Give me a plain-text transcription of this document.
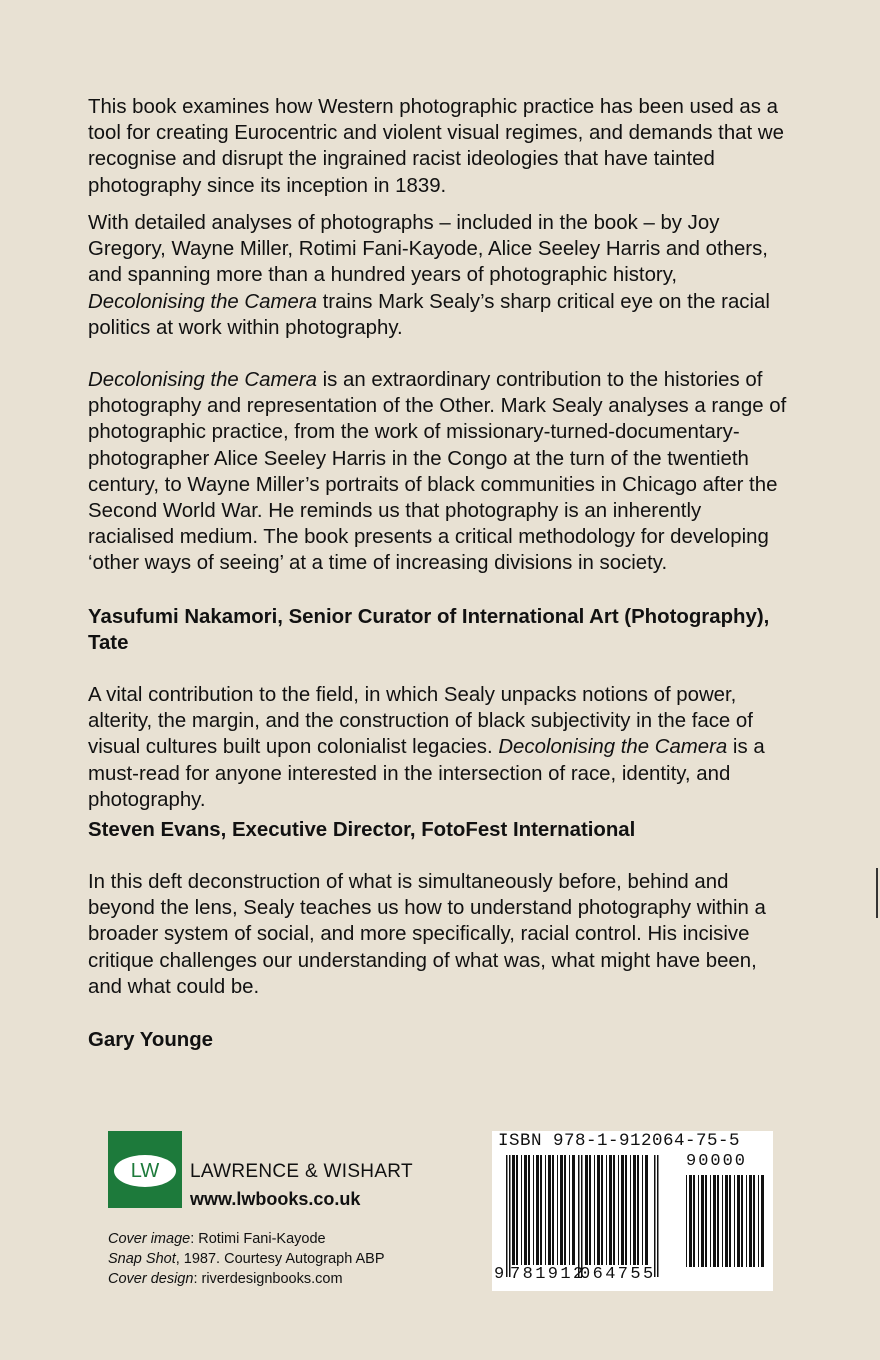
This book examines how Western photographic practice has been used as a tool for creating Eurocentric and violent visual regimes, and demands that we recognise and disrupt the ingrained racist ideologies that have tainted photography since its inception in 1839.

With detailed analyses of photographs – included in the book – by Joy Gregory, Wayne Miller, Rotimi Fani-Kayode, Alice Seeley Harris and others, and spanning more than a hundred years of photographic history, Decolonising the Camera trains Mark Sealy’s sharp critical eye on the racial politics at work within photography.

Decolonising the Camera is an extraordinary contribution to the histories of photography and representation of the Other. Mark Sealy analyses a range of photographic practice, from the work of missionary-turned-documentary-photographer Alice Seeley Harris in the Congo at the turn of the twentieth century, to Wayne Miller’s portraits of black communities in Chicago after the Second World War. He reminds us that photography is an inherently racialised medium. The book presents a critical methodology for developing ‘other ways of seeing’ at a time of increasing divisions in society.

Yasufumi Nakamori, Senior Curator of International Art (Photography), Tate

A vital contribution to the field, in which Sealy unpacks notions of power, alterity, the margin, and the construction of black subjectivity in the face of visual cultures built upon colonialist legacies. Decolonising the Camera is a must-read for anyone interested in the intersection of race, identity, and photography.

Steven Evans, Executive Director, FotoFest International

In this deft deconstruction of what is simultaneously before, behind and beyond the lens, Sealy teaches us how to understand photography within a broader system of social, and more specifically, racial control. His incisive critique challenges our understanding of what was, what might have been, and what could be.

Gary Younge

LW LAWRENCE & WISHART
www.lwbooks.co.uk
Cover image: Rotimi Fani-Kayode
Snap Shot, 1987. Courtesy Autograph ABP
Cover design: riverdesignbooks.com
ISBN 978-1-912064-75-5
90000
9 781912
064755
